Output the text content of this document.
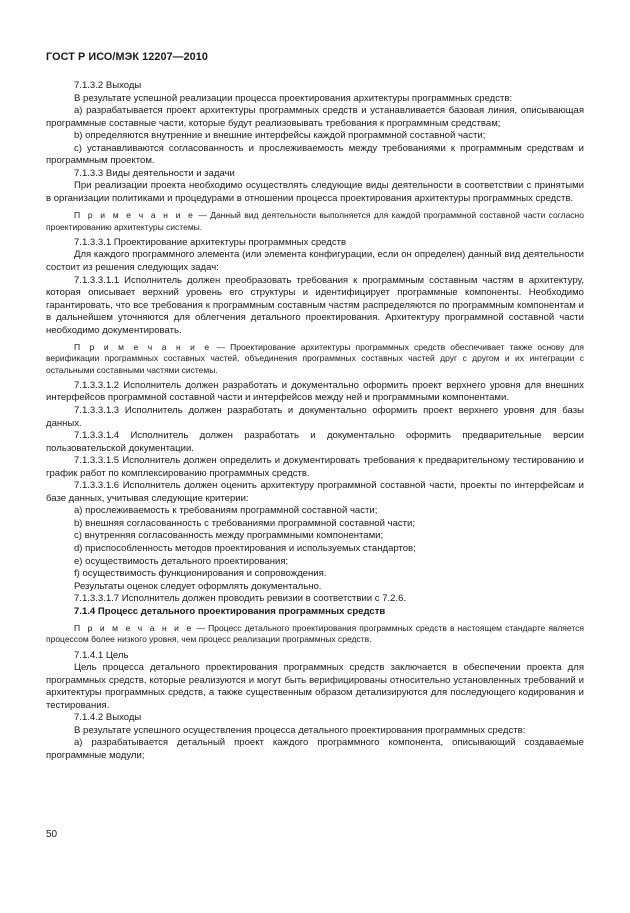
ГОСТ Р ИСО/МЭК 12207—2010

7.1.3.2 Выходы

В результате успешной реализации процесса проектирования архитектуры программных средств:

а) разрабатывается проект архитектуры программных средств и устанавливается базовая линия, описывающая программные составные части, которые будут реализовывать требования к программным средствам;

b) определяются внутренние и внешние интерфейсы каждой программной составной части;

c) устанавливаются согласованность и прослеживаемость между требованиями к программным средствам и программным проектом.

7.1.3.3 Виды деятельности и задачи

При реализации проекта необходимо осуществлять следующие виды деятельности в соответствии с принятыми в организации политиками и процедурами в отношении процесса проектирования архитектуры программных средств.

П р и м е ч а н и е — Данный вид деятельности выполняется для каждой программной составной части согласно проектированию архитектуры системы.

7.1.3.3.1 Проектирование архитектуры программных средств

Для каждого программного элемента (или элемента конфигурации, если он определен) данный вид деятельности состоит из решения следующих задач:

7.1.3.3.1.1 Исполнитель должен преобразовать требования к программным составным частям в архитектуру, которая описывает верхний уровень его структуры и идентифицирует программные компоненты. Необходимо гарантировать, что все требования к программным составным частям распределяются по программным компонентам и в дальнейшем уточняются для облегчения детального проектирования. Архитектуру программной составной части необходимо документировать.

П р и м е ч а н и е — Проектирование архитектуры программных средств обеспечивает также основу для верификации программных составных частей, объединения программных составных частей друг с другом и их интеграции с остальными составными частями системы.

7.1.3.3.1.2 Исполнитель должен разработать и документально оформить проект верхнего уровня для внешних интерфейсов программной составной части и интерфейсов между ней и программными компонентами.

7.1.3.3.1.3 Исполнитель должен разработать и документально оформить проект верхнего уровня для базы данных.

7.1.3.3.1.4 Исполнитель должен разработать и документально оформить предварительные версии пользовательской документации.

7.1.3.3.1.5 Исполнитель должен определить и документировать требования к предварительному тестированию и график работ по комплексированию программных средств.

7.1.3.3.1.6 Исполнитель должен оценить архитектуру программной составной части, проекты по интерфейсам и базе данных, учитывая следующие критерии:

а) прослеживаемость к требованиям программной составной части;

b) внешняя согласованность с требованиями программной составной части;

c) внутренняя согласованность между программными компонентами;

d) приспособленность методов проектирования и используемых стандартов;

e) осуществимость детального проектирования;

f) осуществимость функционирования и сопровождения.

Результаты оценок следует оформлять документально.

7.1.3.3.1.7 Исполнитель должен проводить ревизии в соответствии с 7.2.6.

7.1.4 Процесс детального проектирования программных средств

П р и м е ч а н и е — Процесс детального проектирования программных средств в настоящем стандарте является процессом более низкого уровня, чем процесс реализации программных средств.

7.1.4.1 Цель

Цель процесса детального проектирования программных средств заключается в обеспечении проекта для программных средств, которые реализуются и могут быть верифицированы относительно установленных требований и архитектуры программных средств, а также существенным образом детализируются для последующего кодирования и тестирования.

7.1.4.2 Выходы

В результате успешного осуществления процесса детального проектирования программных средств:

а) разрабатывается детальный проект каждого программного компонента, описывающий создаваемые программные модули;

50
